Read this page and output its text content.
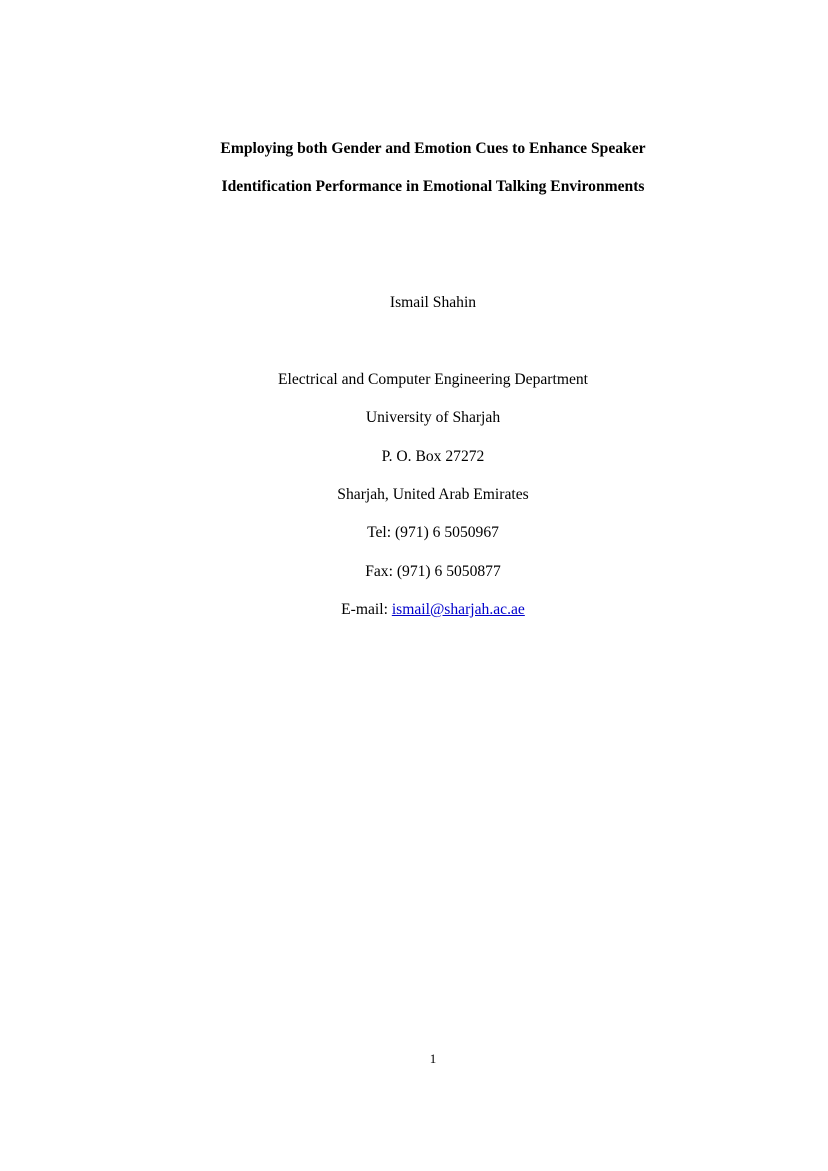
Employing both Gender and Emotion Cues to Enhance Speaker
Identification Performance in Emotional Talking Environments
Ismail Shahin
Electrical and Computer Engineering Department
University of Sharjah
P. O. Box 27272
Sharjah, United Arab Emirates
Tel: (971) 6 5050967
Fax: (971) 6 5050877
E-mail: ismail@sharjah.ac.ae
1
